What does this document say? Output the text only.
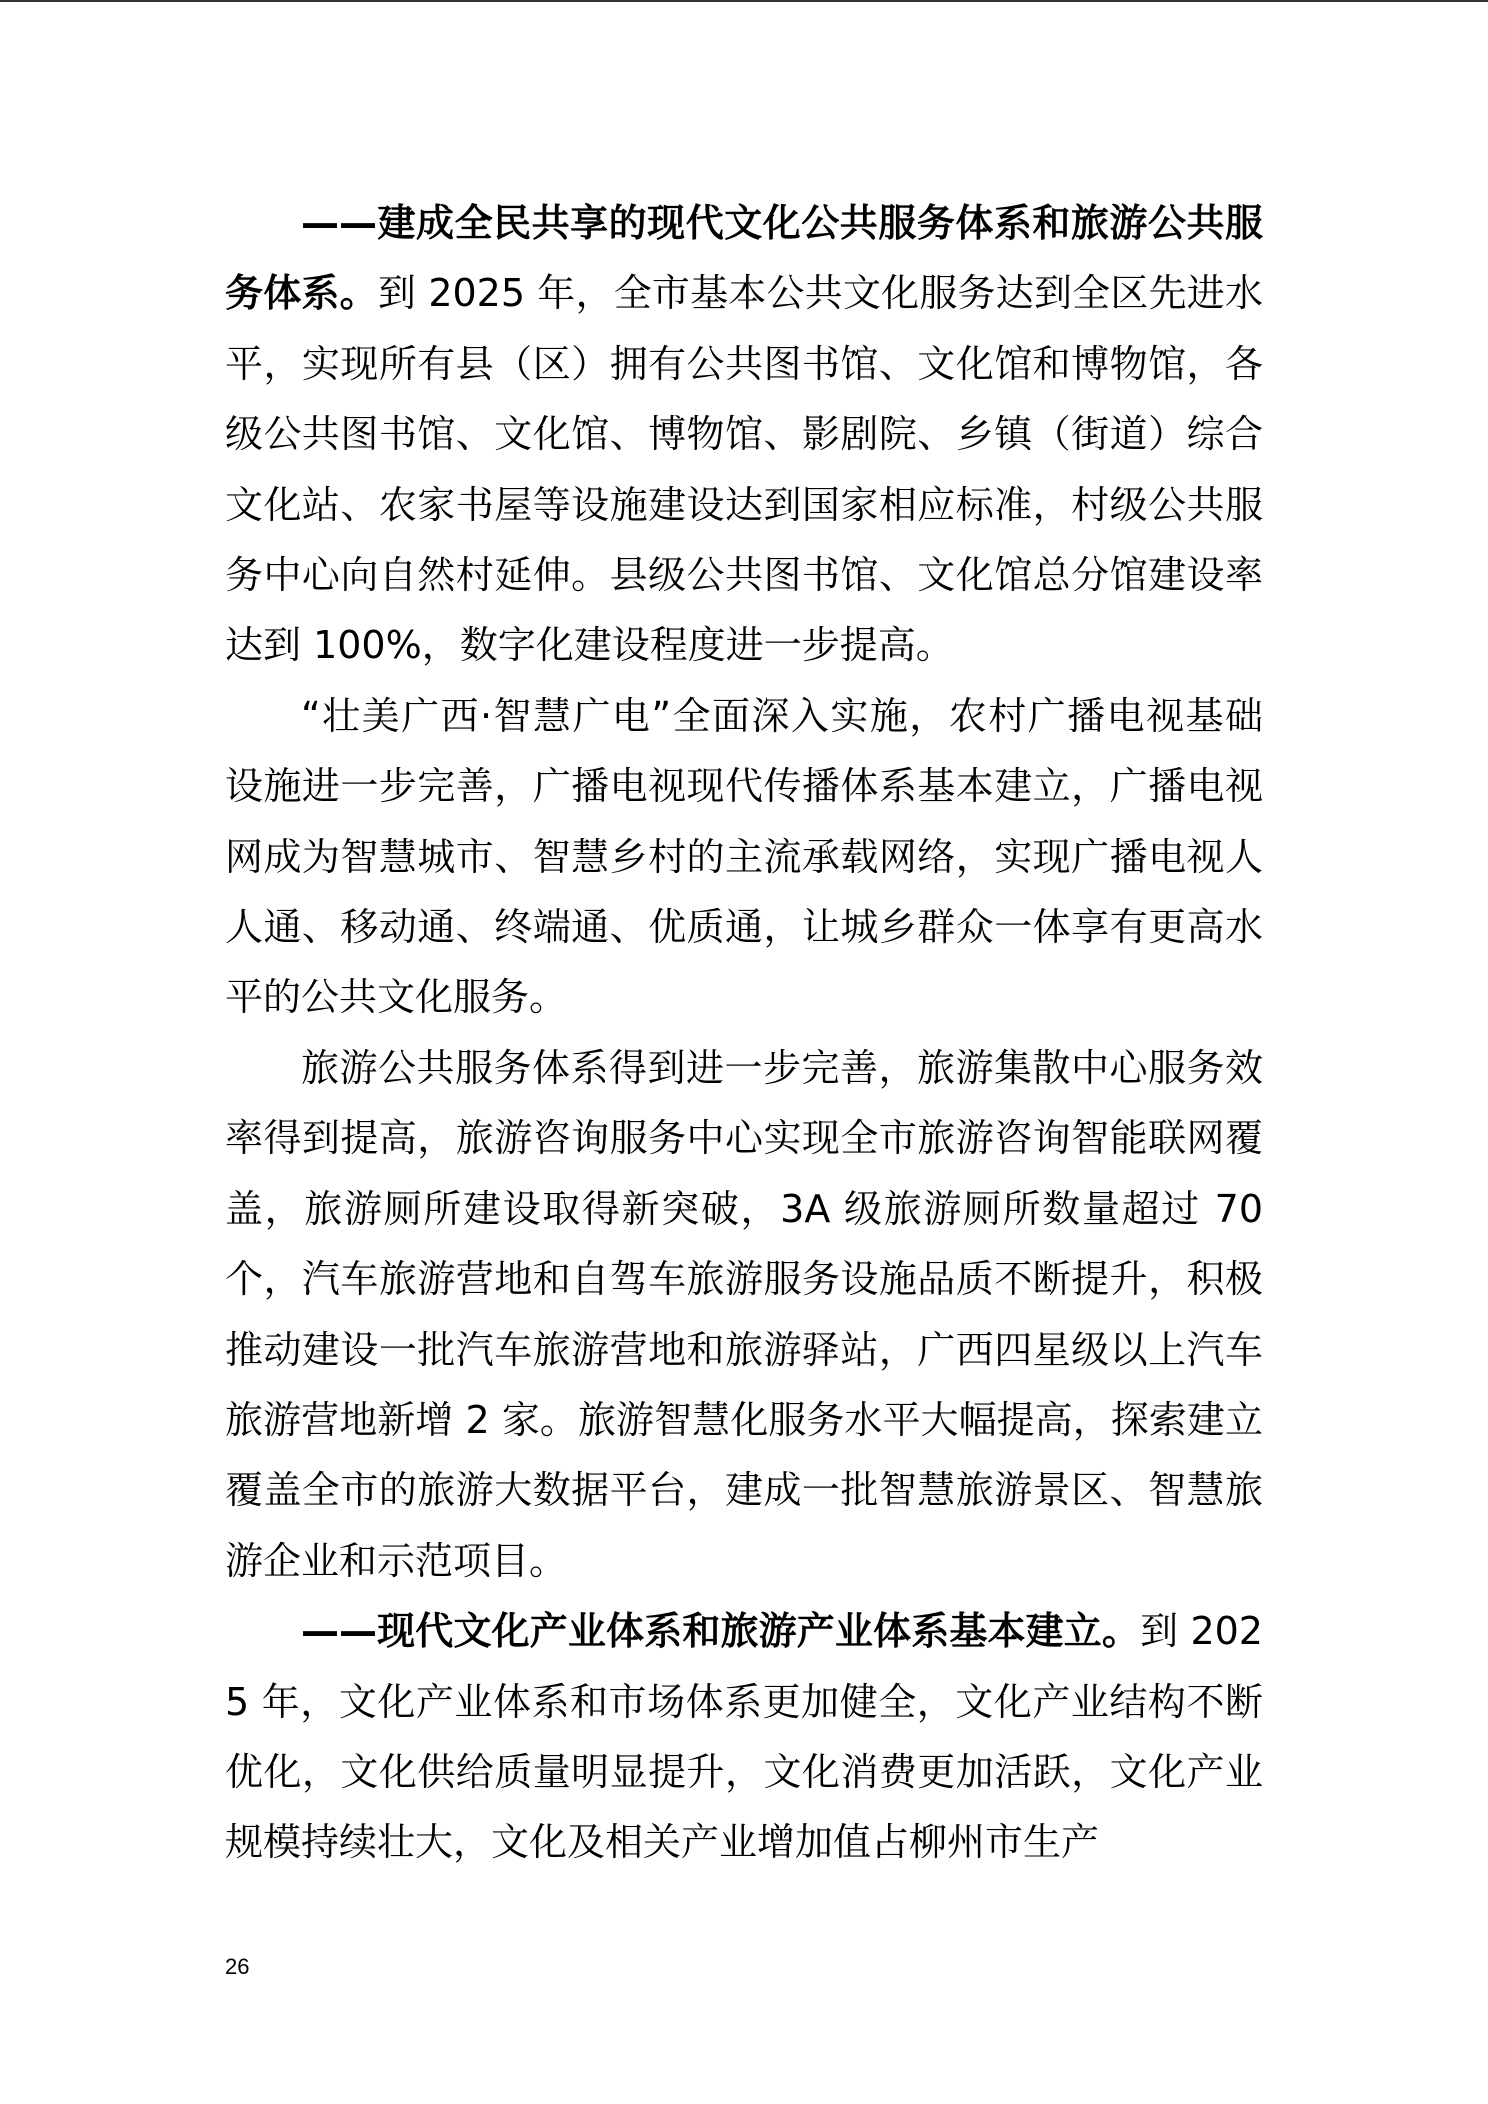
——建成全民共享的现代文化公共服务体系和旅游公共服务体系。到 2025 年，全市基本公共文化服务达到全区先进水平，实现所有县（区）拥有公共图书馆、文化馆和博物馆，各级公共图书馆、文化馆、博物馆、影剧院、乡镇（街道）综合文化站、农家书屋等设施建设达到国家相应标准，村级公共服务中心向自然村延伸。县级公共图书馆、文化馆总分馆建设率达到 100%，数字化建设程度进一步提高。

“壮美广西·智慧广电”全面深入实施，农村广播电视基础设施进一步完善，广播电视现代传播体系基本建立，广播电视网成为智慧城市、智慧乡村的主流承载网络，实现广播电视人人通、移动通、终端通、优质通，让城乡群众一体享有更高水平的公共文化服务。

旅游公共服务体系得到进一步完善，旅游集散中心服务效率得到提高，旅游咨询服务中心实现全市旅游咨询智能联网覆盖，旅游厕所建设取得新突破，3A 级旅游厕所数量超过 70 个，汽车旅游营地和自驾车旅游服务设施品质不断提升，积极推动建设一批汽车旅游营地和旅游驿站，广西四星级以上汽车旅游营地新增 2 家。旅游智慧化服务水平大幅提高，探索建立覆盖全市的旅游大数据平台，建成一批智慧旅游景区、智慧旅游企业和示范项目。

——现代文化产业体系和旅游产业体系基本建立。到 2025 年，文化产业体系和市场体系更加健全，文化产业结构不断优化，文化供给质量明显提升，文化消费更加活跃，文化产业规模持续壮大，文化及相关产业增加值占柳州市生产

26
